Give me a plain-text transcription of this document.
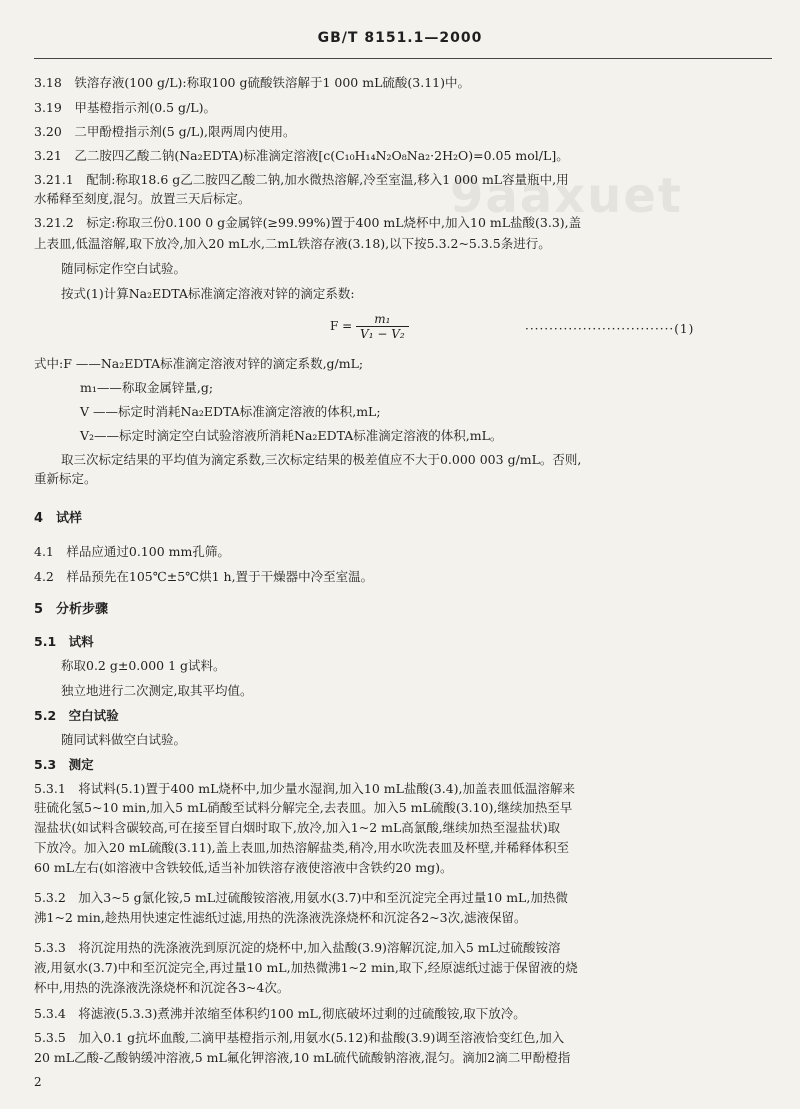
GB/T 8151.1—2000
9aaxuet
3.18　铁溶存液(100 g/L):称取100 g硫酸铁溶解于1 000 mL硫酸(3.11)中。
3.19　甲基橙指示剂(0.5 g/L)。
3.20　二甲酚橙指示剂(5 g/L),限两周内使用。
3.21　乙二胺四乙酸二钠(Na₂EDTA)标准滴定溶液[c(C₁₀H₁₄N₂O₈Na₂·2H₂O)=0.05 mol/L]。
3.21.1　配制:称取18.6 g乙二胺四乙酸二钠,加水微热溶解,冷至室温,移入1 000 mL容量瓶中,用
水稀释至刻度,混匀。放置三天后标定。
3.21.2　标定:称取三份0.100 0 g金属锌(≥99.99%)置于400 mL烧杯中,加入10 mL盐酸(3.3),盖
上表皿,低温溶解,取下放冷,加入20 mL水,二mL铁溶存液(3.18),以下按5.3.2~5.3.5条进行。
随同标定作空白试验。
按式(1)计算Na₂EDTA标准滴定溶液对锌的滴定系数:
$F = \frac{\text{m₁}}{\text{V₁ − V₂}}$	·······························(1)
式中:F ——Na₂EDTA标准滴定溶液对锌的滴定系数,g/mL;
m₁——称取金属锌量,g;
V ——标定时消耗Na₂EDTA标准滴定溶液的体积,mL;
V₂——标定时滴定空白试验溶液所消耗Na₂EDTA标准滴定溶液的体积,mL。
取三次标定结果的平均值为滴定系数,三次标定结果的极差值应不大于0.000 003 g/mL。否则,
重新标定。
4　试样
4.1　样品应通过0.100 mm孔筛。
4.2　样品预先在105℃±5℃烘1 h,置于干燥器中冷至室温。
5　分析步骤
5.1　试料
称取0.2 g±0.000 1 g试料。
独立地进行二次测定,取其平均值。
5.2　空白试验
随同试料做空白试验。
5.3　测定
5.3.1　将试料(5.1)置于400 mL烧杯中,加少量水湿润,加入10 mL盐酸(3.4),加盖表皿低温溶解来
驻硫化氢5~10 min,加入5 mL硝酸至试料分解完全,去表皿。加入5 mL硫酸(3.10),继续加热至早
湿盐状(如试料含碳较高,可在接至冒白烟时取下,放冷,加入1~2 mL高氯酸,继续加热至湿盐状)取
下放冷。加入20 mL硫酸(3.11),盖上表皿,加热溶解盐类,稍冷,用水吹洗表皿及杯壁,并稀释体积至
60 mL左右(如溶液中含铁较低,适当补加铁溶存液使溶液中含铁约20 mg)。
5.3.2　加入3~5 g氯化铵,5 mL过硫酸铵溶液,用氨水(3.7)中和至沉淀完全再过量10 mL,加热微
沸1~2 min,趁热用快速定性滤纸过滤,用热的洗涤液洗涤烧杯和沉淀各2~3次,滤液保留。
5.3.3　将沉淀用热的洗涤液洗到原沉淀的烧杯中,加入盐酸(3.9)溶解沉淀,加入5 mL过硫酸铵溶
液,用氨水(3.7)中和至沉淀完全,再过量10 mL,加热微沸1~2 min,取下,经原滤纸过滤于保留液的烧
杯中,用热的洗涤液洗涤烧杯和沉淀各3~4次。
5.3.4　将滤液(5.3.3)煮沸并浓缩至体积约100 mL,彻底破坏过剩的过硫酸铵,取下放冷。
5.3.5　加入0.1 g抗坏血酸,二滴甲基橙指示剂,用氨水(5.12)和盐酸(3.9)调至溶液恰变红色,加入
20 mL乙酸-乙酸钠缓冲溶液,5 mL氟化钾溶液,10 mL硫代硫酸钠溶液,混匀。滴加2滴二甲酚橙指
2
